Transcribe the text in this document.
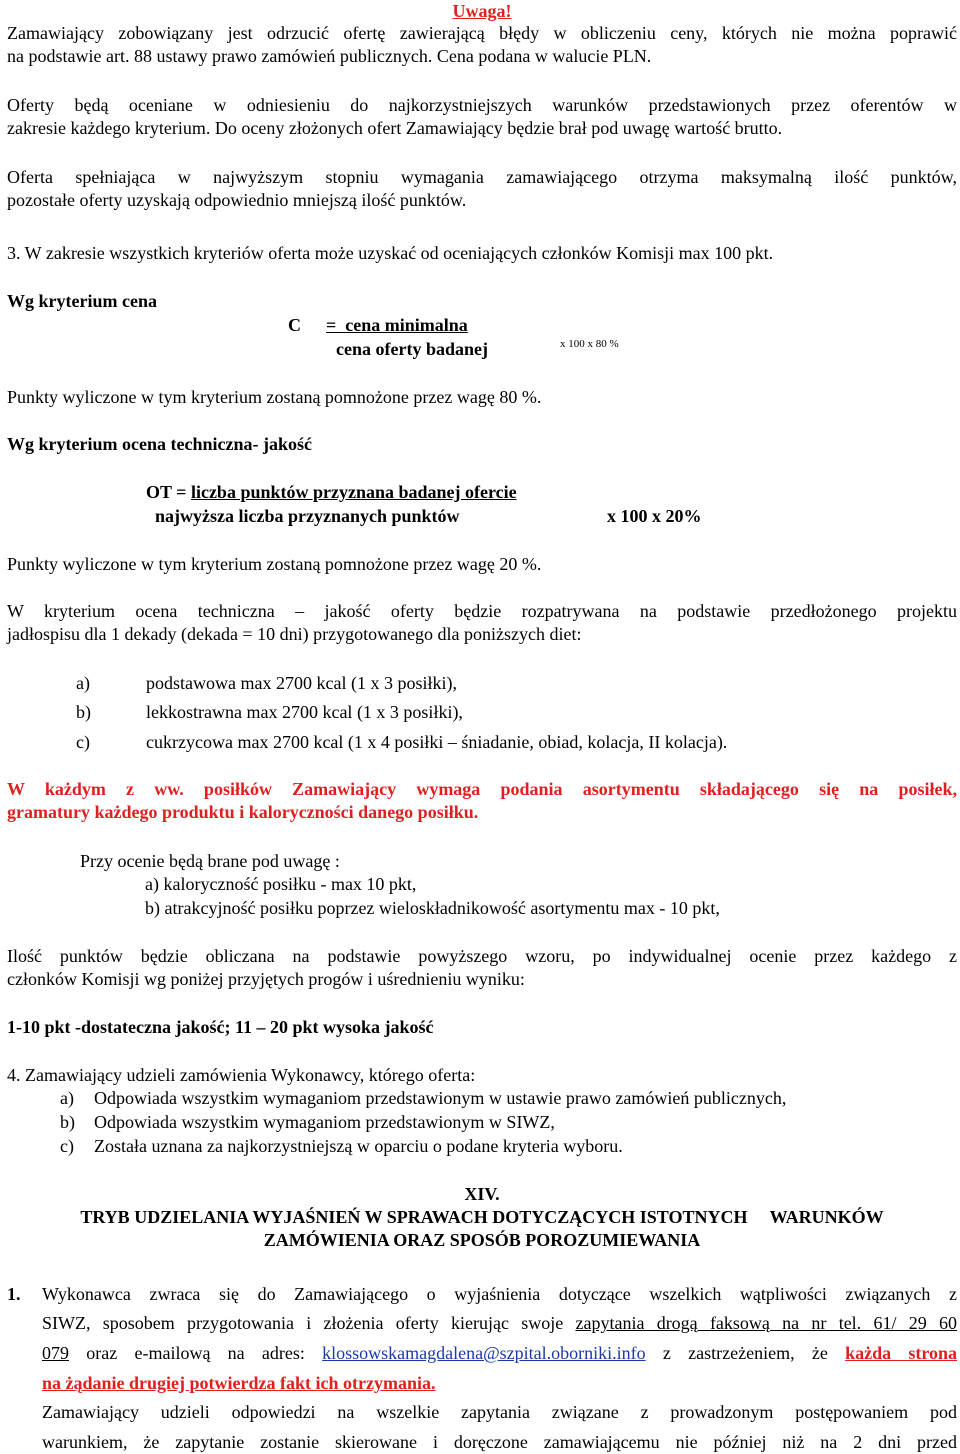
Uwaga!
Zamawiający zobowiązany jest odrzucić ofertę zawierającą błędy w obliczeniu ceny, których nie można poprawić
na podstawie art. 88 ustawy prawo zamówień publicznych. Cena podana w walucie PLN.
Oferty będą oceniane w odniesieniu do najkorzystniejszych warunków przedstawionych przez oferentów w
zakresie każdego kryterium. Do oceny złożonych ofert Zamawiający będzie brał pod uwagę wartość brutto.
Oferta spełniająca w najwyższym stopniu wymagania zamawiającego otrzyma maksymalną ilość punktów,
pozostałe oferty uzyskają odpowiednio mniejszą ilość punktów.
3. W zakresie wszystkich kryteriów oferta może uzyskać od oceniających członków Komisji max 100 pkt.
Wg kryterium cena
C = cena minimalna
cena oferty badanej	x 100 x 80 %
Punkty wyliczone w tym kryterium zostaną pomnożone przez wagę 80 %.
Wg kryterium ocena techniczna- jakość
OT = liczba punktów przyznana badanej ofercie
najwyższa liczba przyznanych punktów	x 100 x 20%
Punkty wyliczone w tym kryterium zostaną pomnożone przez wagę 20 %.
W kryterium ocena techniczna – jakość oferty będzie rozpatrywana na podstawie przedłożonego projektu
jadłospisu dla 1 dekady (dekada = 10 dni) przygotowanego dla poniższych diet:
a)	podstawowa max 2700 kcal (1 x 3 posiłki),
b)	lekkostrawna max 2700 kcal (1 x 3 posiłki),
c)	cukrzycowa max 2700 kcal (1 x 4 posiłki – śniadanie, obiad, kolacja, II kolacja).
W każdym z ww. posiłków Zamawiający wymaga podania asortymentu składającego się na posiłek,
gramatury każdego produktu i kaloryczności danego posiłku.
Przy ocenie będą brane pod uwagę :
a) kaloryczność posiłku - max 10 pkt,
b) atrakcyjność posiłku poprzez wieloskładnikowość asortymentu max - 10 pkt,
Ilość punktów będzie obliczana na podstawie powyższego wzoru, po indywidualnej ocenie przez każdego z
członków Komisji wg poniżej przyjętych progów i uśrednieniu wyniku:
1-10 pkt -dostateczna jakość; 11 – 20 pkt wysoka jakość
4. Zamawiający udzieli zamówienia Wykonawcy, którego oferta:
a) Odpowiada wszystkim wymaganiom przedstawionym w ustawie prawo zamówień publicznych,
b) Odpowiada wszystkim wymaganiom przedstawionym w SIWZ,
c) Została uznana za najkorzystniejszą w oparciu o podane kryteria wyboru.
XIV.
TRYB UDZIELANIA WYJAŚNIEŃ W SPRAWACH DOTYCZĄCYCH ISTOTNYCH     WARUNKÓW
ZAMÓWIENIA ORAZ SPOSÓB POROZUMIEWANIA
1. Wykonawca zwraca się do Zamawiającego o wyjaśnienia dotyczące wszelkich wątpliwości związanych z
SIWZ, sposobem przygotowania i złożenia oferty kierując swoje zapytania drogą faksową na nr tel. 61/ 29 60
079 oraz e-mailową na adres: klossowskamagdalena@szpital.oborniki.info z zastrzeżeniem, że każda strona
na żądanie drugiej potwierdza fakt ich otrzymania.
Zamawiający udzieli odpowiedzi na wszelkie zapytania związane z prowadzonym postępowaniem pod
warunkiem, że zapytanie zostanie skierowane i doręczone zamawiającemu nie później niż na 2 dni przed
